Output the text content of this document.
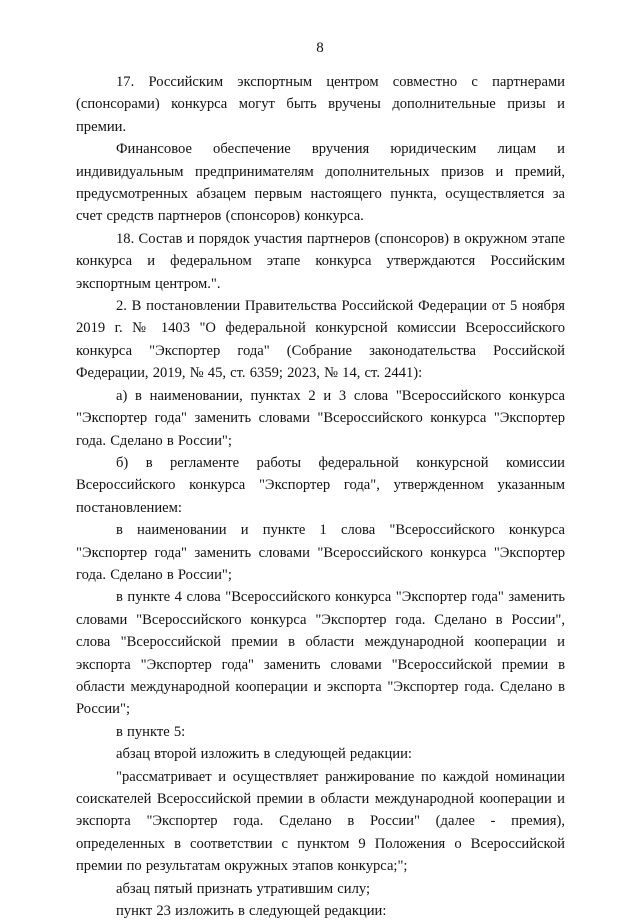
8

17. Российским экспортным центром совместно с партнерами (спонсорами) конкурса могут быть вручены дополнительные призы и премии.

Финансовое обеспечение вручения юридическим лицам и индивидуальным предпринимателям дополнительных призов и премий, предусмотренных абзацем первым настоящего пункта, осуществляется за счет средств партнеров (спонсоров) конкурса.

18. Состав и порядок участия партнеров (спонсоров) в окружном этапе конкурса и федеральном этапе конкурса утверждаются Российским экспортным центром.".

2. В постановлении Правительства Российской Федерации от 5 ноября 2019 г. № 1403 "О федеральной конкурсной комиссии Всероссийского конкурса "Экспортер года" (Собрание законодательства Российской Федерации, 2019, № 45, ст. 6359; 2023, № 14, ст. 2441):

а) в наименовании, пунктах 2 и 3 слова "Всероссийского конкурса "Экспортер года" заменить словами "Всероссийского конкурса "Экспортер года. Сделано в России";

б) в регламенте работы федеральной конкурсной комиссии Всероссийского конкурса "Экспортер года", утвержденном указанным постановлением:

в наименовании и пункте 1 слова "Всероссийского конкурса "Экспортер года" заменить словами "Всероссийского конкурса "Экспортер года. Сделано в России";

в пункте 4 слова "Всероссийского конкурса "Экспортер года" заменить словами "Всероссийского конкурса "Экспортер года. Сделано в России", слова "Всероссийской премии в области международной кооперации и экспорта "Экспортер года" заменить словами "Всероссийской премии в области международной кооперации и экспорта "Экспортер года. Сделано в России";

в пункте 5:

абзац второй изложить в следующей редакции:

"рассматривает и осуществляет ранжирование по каждой номинации соискателей Всероссийской премии в области международной кооперации и экспорта "Экспортер года. Сделано в России" (далее - премия), определенных в соответствии с пунктом 9 Положения о Всероссийской премии по результатам окружных этапов конкурса;";

абзац пятый признать утратившим силу;

пункт 23 изложить в следующей редакции:
